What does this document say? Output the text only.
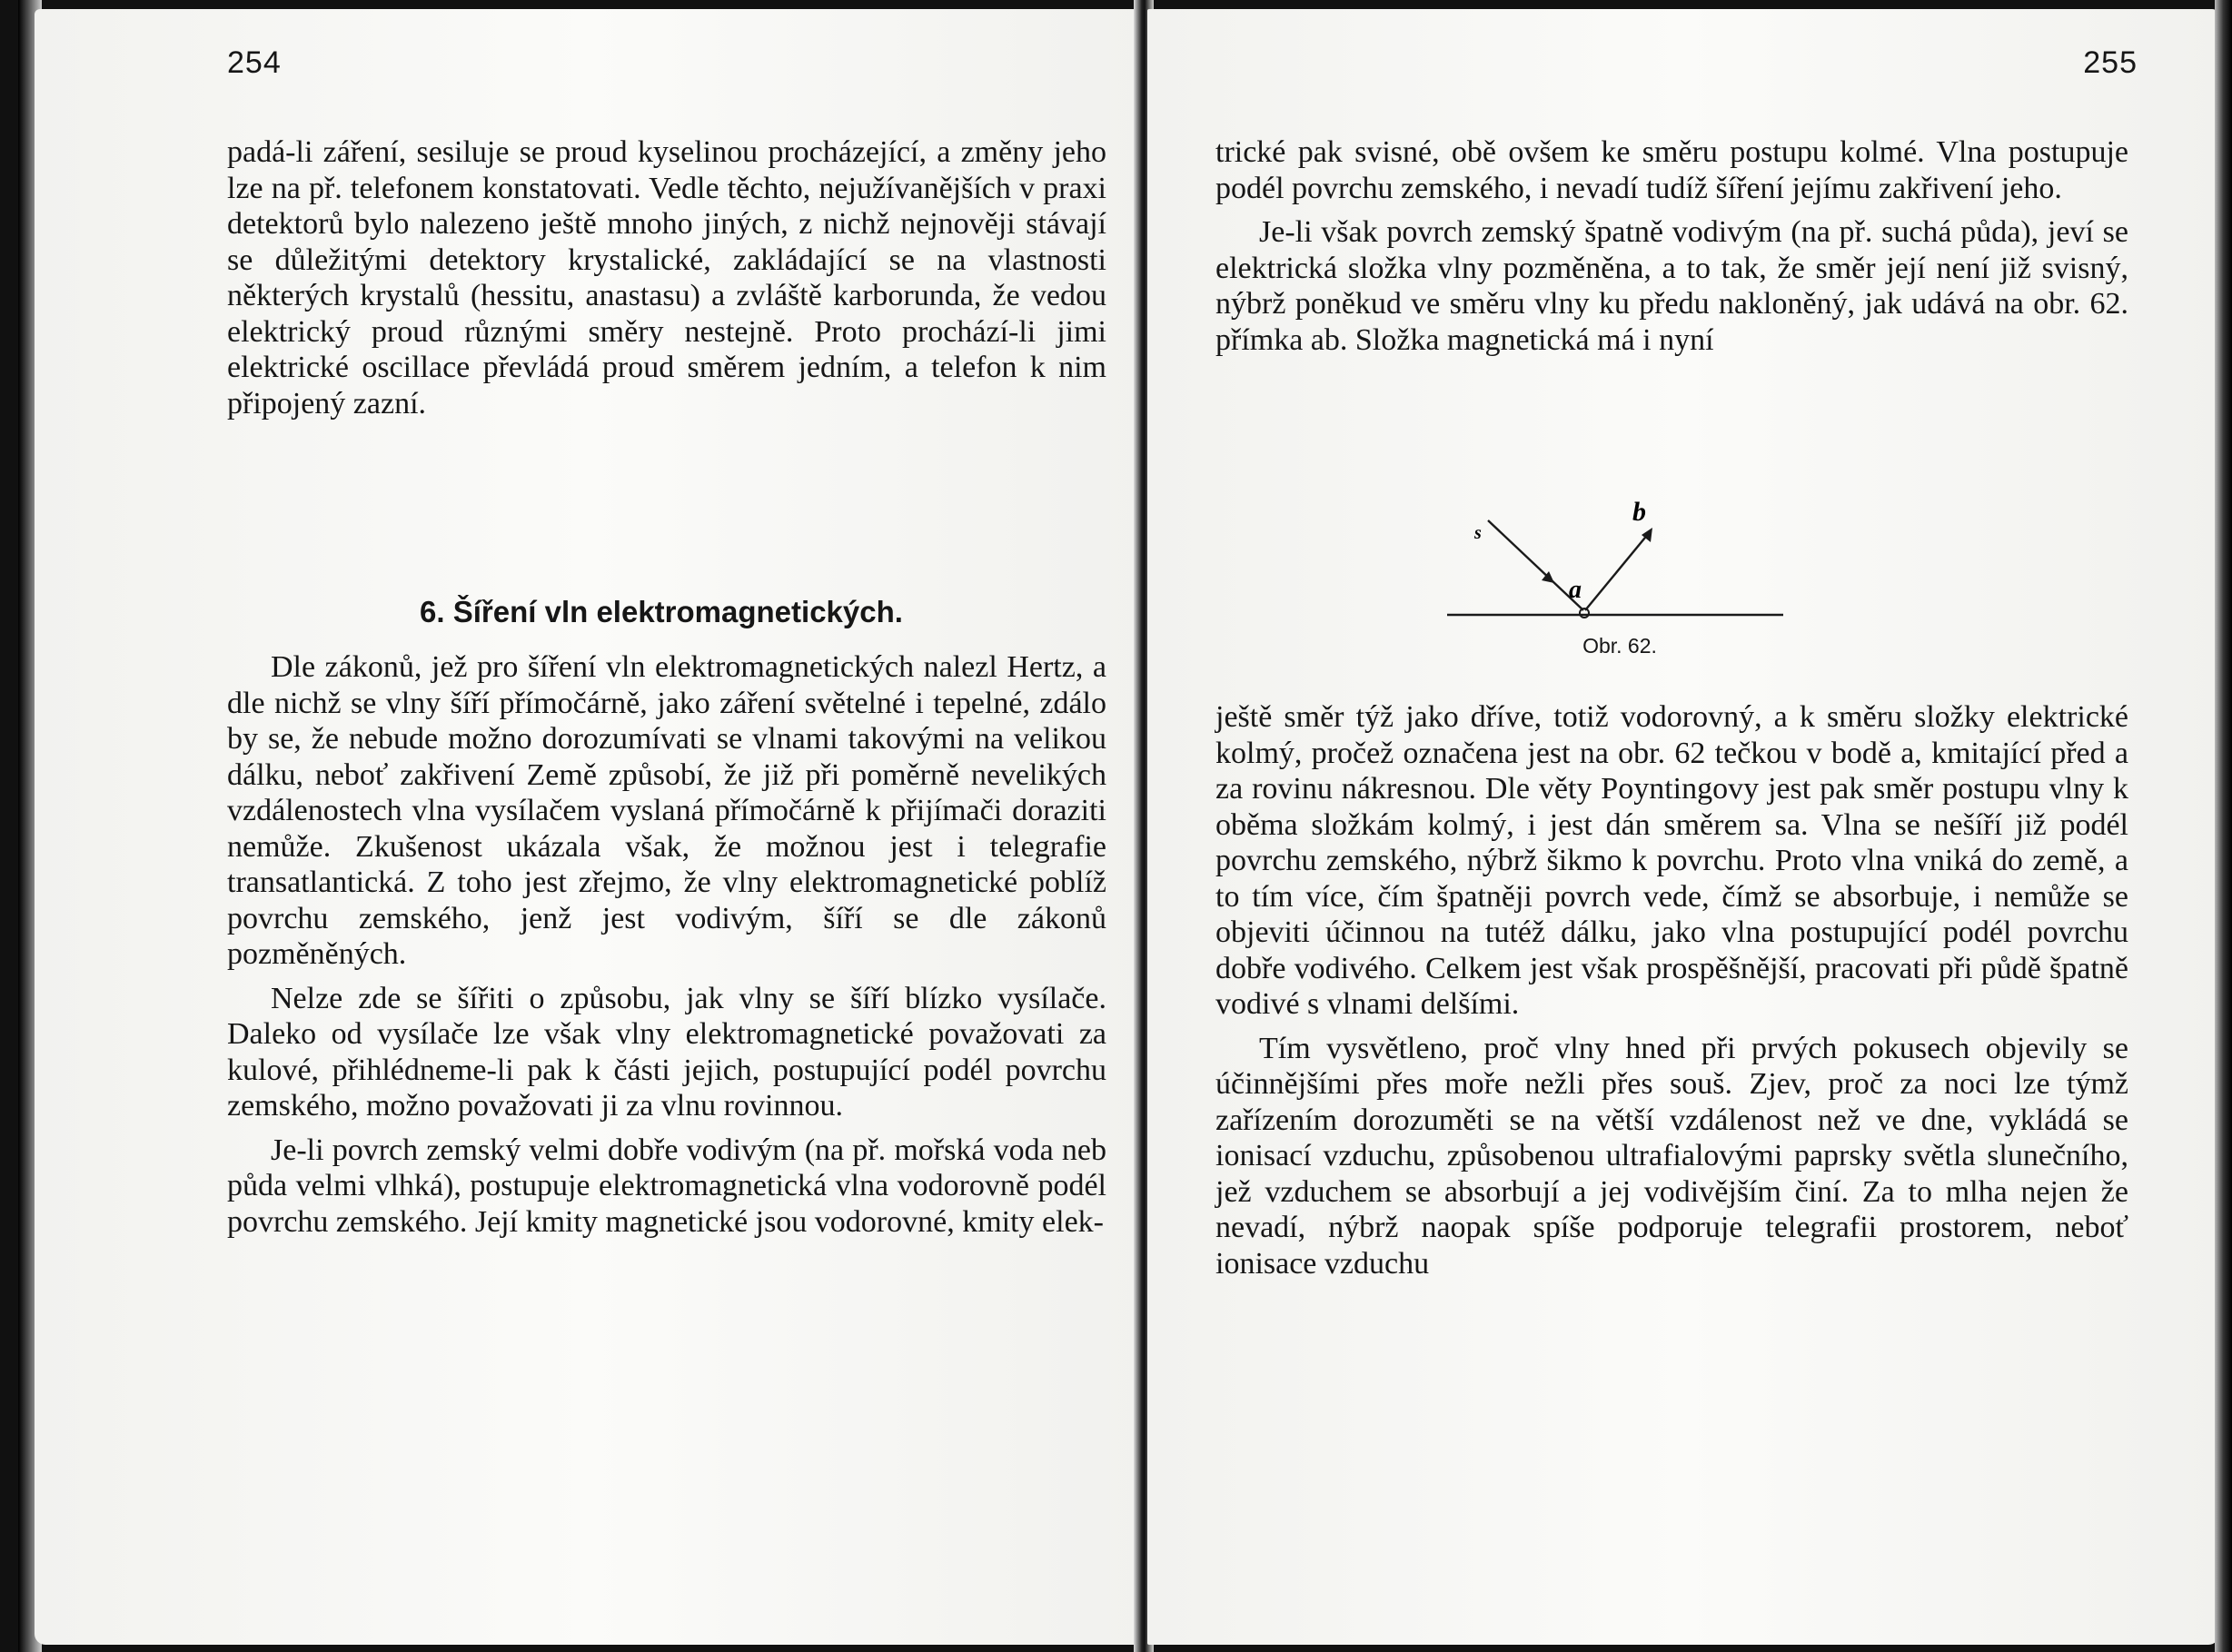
254

padá-li záření, sesiluje se proud kyselinou procházející, a změny jeho lze na př. telefonem konstatovati. Vedle těchto, nejužívanějších v praxi detektorů bylo nalezeno ještě mnoho jiných, z nichž nejnověji stávají se důležitými detektory krystalické, zakládající se na vlastnosti některých krystalů (hessitu, anastasu) a zvláště karborunda, že vedou elektrický proud různými směry nestejně. Proto prochází-li jimi elektrické oscillace převládá proud směrem jedním, a telefon k nim připojený zazní.

6. Šíření vln elektromagnetických.

Dle zákonů, jež pro šíření vln elektromagnetických nalezl Hertz, a dle nichž se vlny šíří přímočárně, jako záření světelné i tepelné, zdálo by se, že nebude možno dorozumívati se vlnami takovými na velikou dálku, neboť zakřivení Země způsobí, že již při poměrně nevelikých vzdálenostech vlna vysílačem vyslaná přímočárně k přijímači doraziti nemůže. Zkušenost ukázala však, že možnou jest i telegrafie transatlantická. Z toho jest zřejmo, že vlny elektromagnetické poblíž povrchu zemského, jenž jest vodivým, šíří se dle zákonů pozměněných.

Nelze zde se šířiti o způsobu, jak vlny se šíří blízko vysílače. Daleko od vysílače lze však vlny elektromagnetické považovati za kulové, přihlédneme-li pak k části jejich, postupující podél povrchu zemského, možno považovati ji za vlnu rovinnou.

Je-li povrch zemský velmi dobře vodivým (na př. mořská voda neb půda velmi vlhká), postupuje elektromagnetická vlna vodorovně podél povrchu zemského. Její kmity magnetické jsou vodorovné, kmity elek-

255

trické pak svisné, obě ovšem ke směru postupu kolmé. Vlna postupuje podél povrchu zemského, i nevadí tudíž šíření jejímu zakřivení jeho.

Je-li však povrch zemský špatně vodivým (na př. suchá půda), jeví se elektrická složka vlny pozměněna, a to tak, že směr její není již svisný, nýbrž poněkud ve směru vlny ku předu nakloněný, jak udává na obr. 62. přímka ab. Složka magnetická má i nyní

s
a
b
Obr. 62.

ještě směr týž jako dříve, totiž vodorovný, a k směru složky elektrické kolmý, pročež označena jest na obr. 62 tečkou v bodě a, kmitající před a za rovinu nákresnou. Dle věty Poyntingovy jest pak směr postupu vlny k oběma složkám kolmý, i jest dán směrem sa. Vlna se nešíří již podél povrchu zemského, nýbrž šikmo k povrchu. Proto vlna vniká do země, a to tím více, čím špatněji povrch vede, čímž se absorbuje, i nemůže se objeviti účinnou na tutéž dálku, jako vlna postupující podél povrchu dobře vodivého. Celkem jest však prospěšnější, pracovati při půdě špatně vodivé s vlnami delšími.

Tím vysvětleno, proč vlny hned při prvých pokusech objevily se účinnějšími přes moře nežli přes souš. Zjev, proč za noci lze týmž zařízením dorozuměti se na větší vzdálenost než ve dne, vykládá se ionisací vzduchu, způsobenou ultrafialovými paprsky světla slunečního, jež vzduchem se absorbují a jej vodivějším činí. Za to mlha nejen že nevadí, nýbrž naopak spíše podporuje telegrafii prostorem, neboť ionisace vzduchu
